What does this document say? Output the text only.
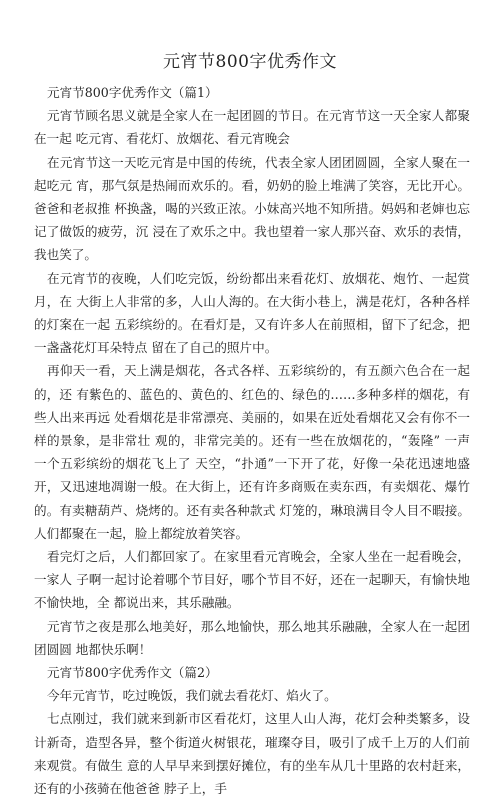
元宵节800字优秀作文

元宵节800字优秀作文（篇1）

元宵节顾名思义就是全家人在一起团圆的节日。在元宵节这一天全家人都聚在一起 吃元宵、看花灯、放烟花、看元宵晚会

在元宵节这一天吃元宵是中国的传统，代表全家人团团圆圆，全家人聚在一起吃元 宵，那气氛是热闹而欢乐的。看，奶奶的脸上堆满了笑容，无比开心。爸爸和老叔推 杯换盏，喝的兴致正浓。小妹高兴地不知所措。妈妈和老婶也忘记了做饭的疲劳，沉 浸在了欢乐之中。我也望着一家人那兴奋、欢乐的表情，我也笑了。

在元宵节的夜晚，人们吃完饭，纷纷都出来看花灯、放烟花、炮竹、一起赏月，在 大街上人非常的多，人山人海的。在大街小巷上，满是花灯，各种各样的灯案在一起 五彩缤纷的。在看灯是，又有许多人在前照相，留下了纪念，把一盏盏花灯耳朵特点 留在了自己的照片中。

再仰天一看，天上满是烟花，各式各样、五彩缤纷的，有五颜六色合在一起的，还 有紫色的、蓝色的、黄色的、红色的、绿色的……多种多样的烟花，有些人出来再远 处看烟花是非常漂亮、美丽的，如果在近处看烟花又会有你不一样的景象，是非常壮 观的，非常完美的。还有一些在放烟花的，“轰隆” 一声一个五彩缤纷的烟花飞上了 天空，“扑通”一下开了花，好像一朵花迅速地盛开，又迅速地凋谢一般。在大街上，还有许多商贩在卖东西，有卖烟花、爆竹的。有卖糖葫芦、烧烤的。还有卖各种款式 灯笼的，琳琅满目令人目不暇接。人们都聚在一起，脸上都绽放着笑容。

看完灯之后，人们都回家了。在家里看元宵晚会，全家人坐在一起看晚会，一家人 子啊一起讨论着哪个节目好，哪个节目不好，还在一起聊天，有愉快地不愉快地，全 都说出来，其乐融融。

元宵节之夜是那么地美好，那么地愉快，那么地其乐融融，全家人在一起团团圆圆 地都快乐啊！

元宵节800字优秀作文（篇2）

今年元宵节，吃过晚饭，我们就去看花灯、焰火了。

七点刚过，我们就来到新市区看花灯，这里人山人海，花灯会种类繁多，设计新奇，造型各异，整个街道火树银花，璀璨夺目，吸引了成千上万的人们前来观赏。有做生 意的人早早来到摆好摊位，有的坐车从几十里路的农村赶来，还有的小孩骑在他爸爸 脖子上，手
